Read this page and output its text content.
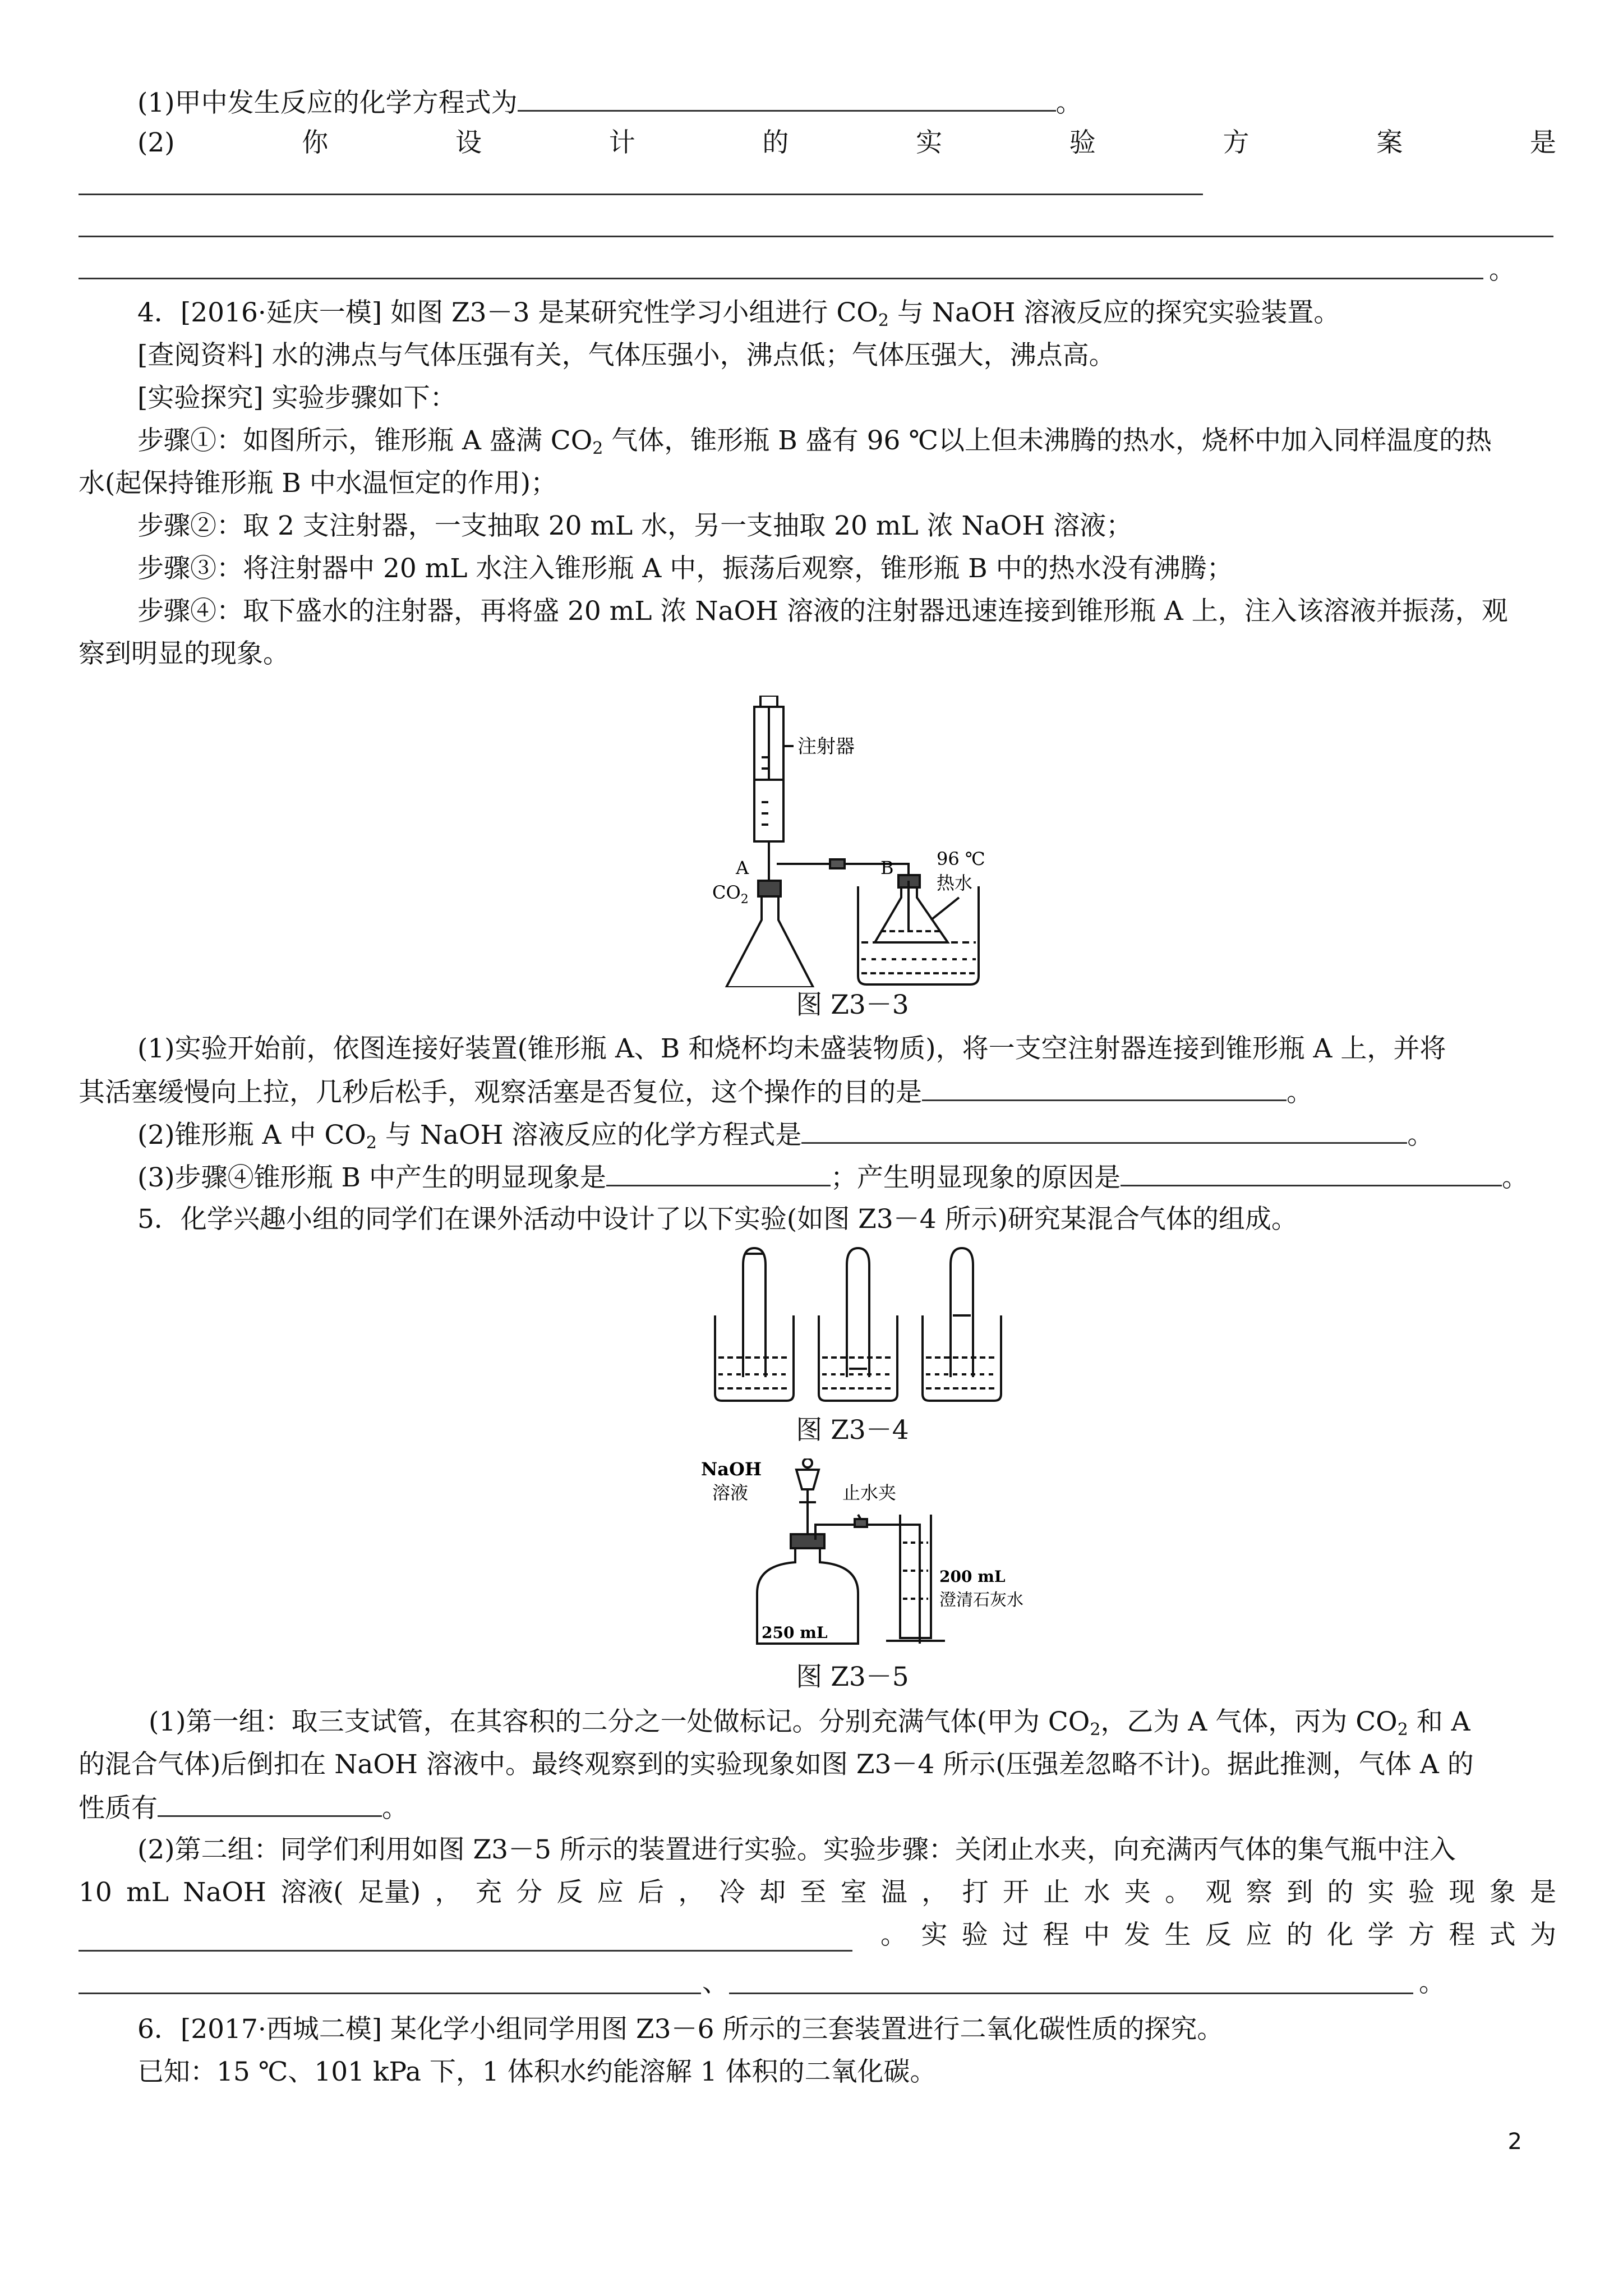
(1)甲中发生反应的化学方程式为	。
(2)	你	设	计	的	实	验	方	案	是
。
4．[2016·延庆一模] 如图 Z3－3 是某研究性学习小组进行 $CO_2$ 与 NaOH 溶液反应的探究实验装置。
[查阅资料] 水的沸点与气体压强有关，气体压强小，沸点低；气体压强大，沸点高。
[实验探究] 实验步骤如下：
步骤①：如图所示，锥形瓶 A 盛满 $CO_2$ 气体，锥形瓶 B 盛有 96 ℃以上但未沸腾的热水，烧杯中加入同样温度的热
水(起保持锥形瓶 B 中水温恒定的作用)；
步骤②：取 2 支注射器，一支抽取 20 mL 水，另一支抽取 20 mL 浓 NaOH 溶液；
步骤③：将注射器中 20 mL 水注入锥形瓶 A 中，振荡后观察，锥形瓶 B 中的热水没有沸腾；
步骤④：取下盛水的注射器，再将盛 20 mL 浓 NaOH 溶液的注射器迅速连接到锥形瓶 A 上，注入该溶液并振荡，观
察到明显的现象。
注射器
A
$CO_2$
B 96 ℃
热水
图 Z3－3
(1)实验开始前，依图连接好装置(锥形瓶 A、B 和烧杯均未盛装物质)，将一支空注射器连接到锥形瓶 A 上，并将
其活塞缓慢向上拉，几秒后松手，观察活塞是否复位，这个操作的目的是	。
(2)锥形瓶 A 中 $CO_2$ 与 NaOH 溶液反应的化学方程式是	。
(3)步骤④锥形瓶 B 中产生的明显现象是	；产生明显现象的原因是	。
5．化学兴趣小组的同学们在课外活动中设计了以下实验(如图 Z3－4 所示)研究某混合气体的组成。
图 Z3－4
NaOH
溶液	止水夹
250 mL
200 mL
澄清石灰水
图 Z3－5
(1)第一组：取三支试管，在其容积的二分之一处做标记。分别充满气体(甲为 $CO_2$，乙为 A 气体，丙为 $CO_2$ 和 A
的混合气体)后倒扣在 NaOH 溶液中。最终观察到的实验现象如图 Z3－4 所示(压强差忽略不计)。据此推测，气体 A 的
性质有	。
(2)第二组：同学们利用如图 Z3－5 所示的装置进行实验。实验步骤：关闭止水夹，向充满丙气体的集气瓶中注入
10 mL NaOH 溶液( 足量) ， 充 分 反 应 后 ， 冷 却 至 室 温 ， 打 开 止 水 夹 。 观 察 到 的 实 验 现 象 是
。 实 验 过 程 中 发 生 反 应 的 化 学 方 程 式 为
、	。
6．[2017·西城二模] 某化学小组同学用图 Z3－6 所示的三套装置进行二氧化碳性质的探究。
已知：15 ℃、101 kPa 下，1 体积水约能溶解 1 体积的二氧化碳。
2
